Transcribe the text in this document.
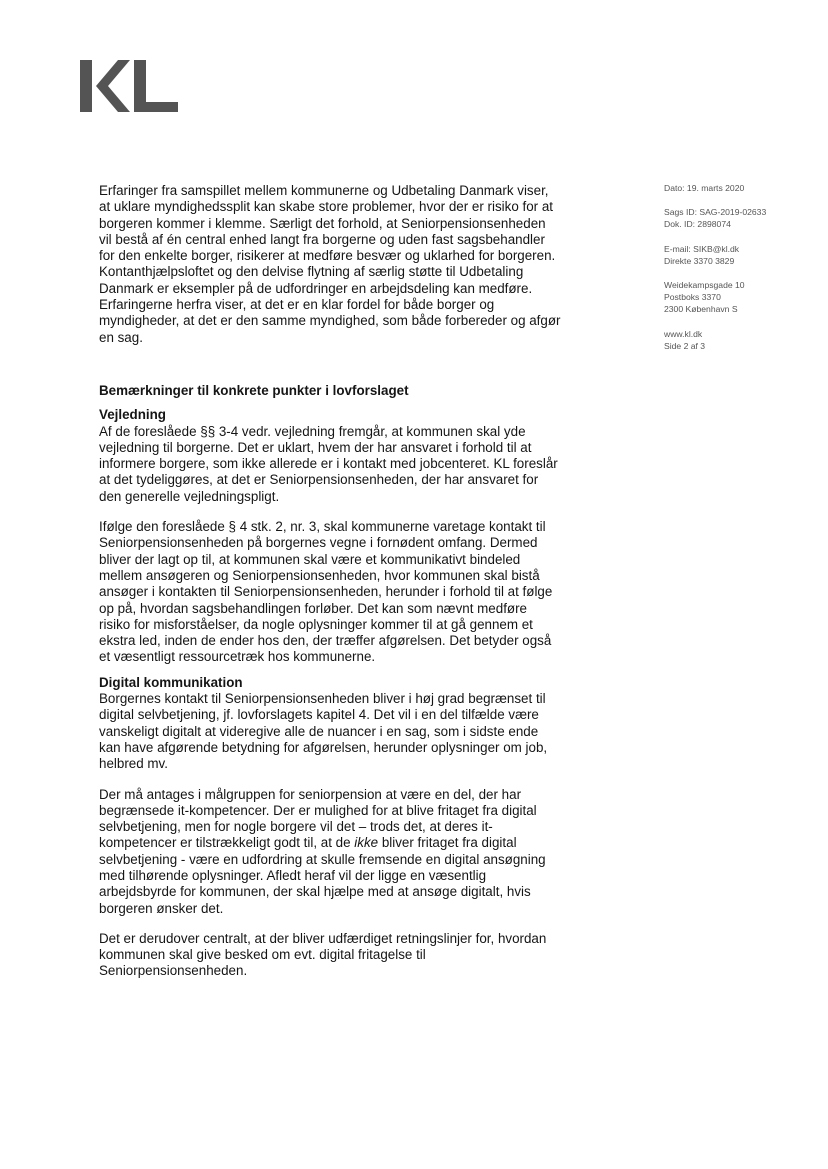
Dato: 19. marts 2020

Sags ID: SAG-2019-02633
Dok. ID: 2898074

E-mail: SIKB@kl.dk
Direkte 3370 3829

Weidekampsgade 10
Postboks 3370
2300 København S

www.kl.dk
Side 2 af 3

Erfaringer fra samspillet mellem kommunerne og Udbetaling Danmark viser, at uklare myndighedssplit kan skabe store problemer, hvor der er risiko for at borgeren kommer i klemme. Særligt det forhold, at Seniorpensionsenheden vil bestå af én central enhed langt fra borgerne og uden fast sagsbehandler for den enkelte borger, risikerer at medføre besvær og uklarhed for borgeren. Kontanthjælpsloftet og den delvise flytning af særlig støtte til Udbetaling Danmark er eksempler på de udfordringer en arbejdsdeling kan medføre. Erfaringerne herfra viser, at det er en klar fordel for både borger og myndigheder, at det er den samme myndighed, som både forbereder og afgør en sag.

Bemærkninger til konkrete punkter i lovforslaget

Vejledning

Af de foreslåede §§ 3-4 vedr. vejledning fremgår, at kommunen skal yde vejledning til borgerne. Det er uklart, hvem der har ansvaret i forhold til at informere borgere, som ikke allerede er i kontakt med jobcenteret. KL foreslår at det tydeliggøres, at det er Seniorpensionsenheden, der har ansvaret for den generelle vejledningspligt.

Ifølge den foreslåede § 4 stk. 2, nr. 3, skal kommunerne varetage kontakt til Seniorpensionsenheden på borgernes vegne i fornødent omfang. Dermed bliver der lagt op til, at kommunen skal være et kommunikativt bindeled mellem ansøgeren og Seniorpensionsenheden, hvor kommunen skal bistå ansøger i kontakten til Seniorpensionsenheden, herunder i forhold til at følge op på, hvordan sagsbehandlingen forløber. Det kan som nævnt medføre risiko for misforståelser, da nogle oplysninger kommer til at gå gennem et ekstra led, inden de ender hos den, der træffer afgørelsen. Det betyder også et væsentligt ressourcetræk hos kommunerne.

Digital kommunikation

Borgernes kontakt til Seniorpensionsenheden bliver i høj grad begrænset til digital selvbetjening, jf. lovforslagets kapitel 4. Det vil i en del tilfælde være vanskeligt digitalt at videregive alle de nuancer i en sag, som i sidste ende kan have afgørende betydning for afgørelsen, herunder oplysninger om job, helbred mv.

Der må antages i målgruppen for seniorpension at være en del, der har begrænsede it-kompetencer. Der er mulighed for at blive fritaget fra digital selvbetjening, men for nogle borgere vil det – trods det, at deres it-kompetencer er tilstrækkeligt godt til, at de ikke bliver fritaget fra digital selvbetjening - være en udfordring at skulle fremsende en digital ansøgning med tilhørende oplysninger. Afledt heraf vil der ligge en væsentlig arbejdsbyrde for kommunen, der skal hjælpe med at ansøge digitalt, hvis borgeren ønsker det.

Det er derudover centralt, at der bliver udfærdiget retningslinjer for, hvordan kommunen skal give besked om evt. digital fritagelse til Seniorpensionsenheden.
